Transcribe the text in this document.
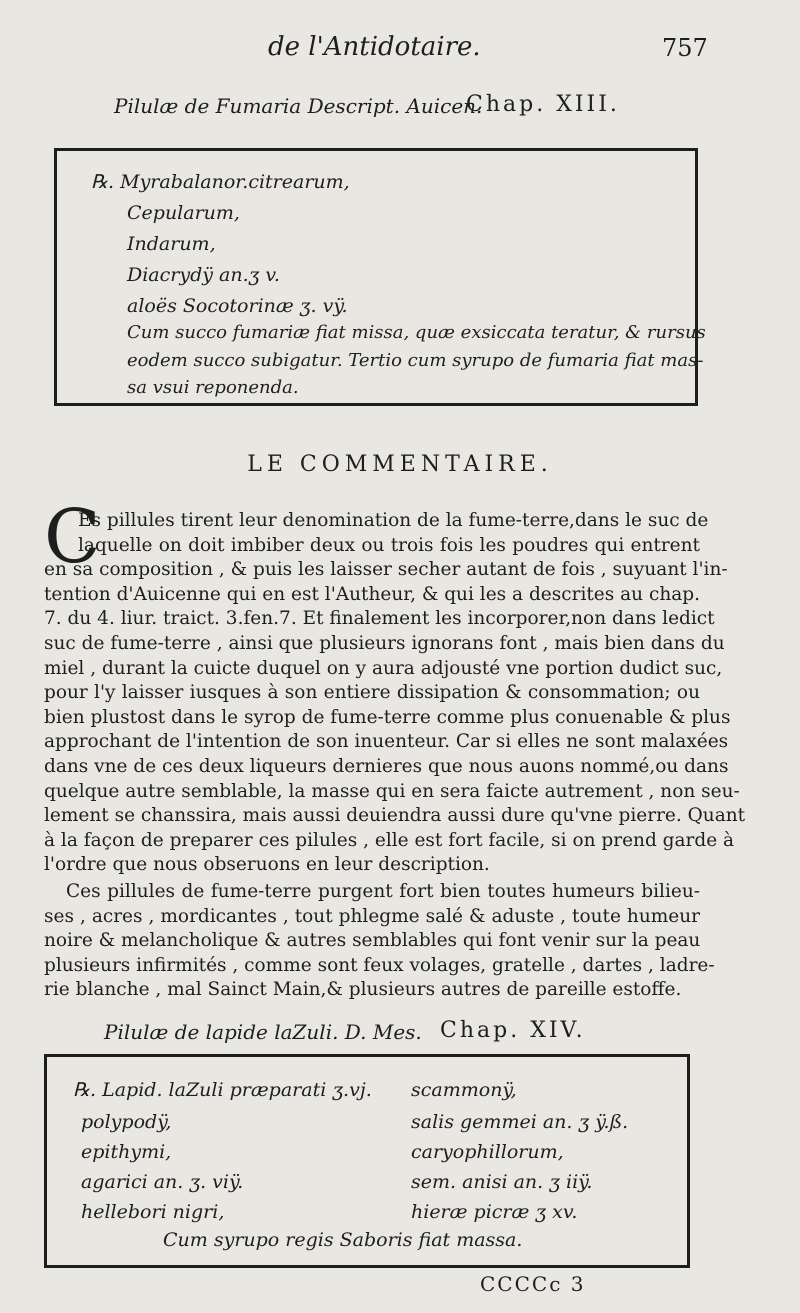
de l'Antidotaire.	757
Pilulæ de Fumaria Descript. Auicen.
Chap. XIII.
℞. Myrabalanor.citrearum,
Cepularum,
Indarum,
Diacrydÿ an.ʒ v.
aloës Socotorinæ ʒ. vÿ.
Cum succo fumariæ fiat missa, quæ exsiccata teratur, & rursus
eodem succo subigatur. Tertio cum syrupo de fumaria fiat mas-
sa vsui reponenda.
LE COMMENTAIRE.
C
Es pillules tirent leur denomination de la fume-terre,dans le suc de
laquelle on doit imbiber deux ou trois fois les poudres qui entrent
en sa composition , & puis les laisser secher autant de fois , suyuant l'in-
tention d'Auicenne qui en est l'Autheur, & qui les a descrites au chap.
7. du 4. liur. traict. 3.fen.7. Et finalement les incorporer,non dans ledict
suc de fume-terre , ainsi que plusieurs ignorans font , mais bien dans du
miel , durant la cuicte duquel on y aura adjousté vne portion dudict suc,
pour l'y laisser iusques à son entiere dissipation & consommation; ou
bien plustost dans le syrop de fume-terre comme plus conuenable & plus
approchant de l'intention de son inuenteur. Car si elles ne sont malaxées
dans vne de ces deux liqueurs dernieres que nous auons nommé,ou dans
quelque autre semblable, la masse qui en sera faicte autrement , non seu-
lement se chanssira, mais aussi deuiendra aussi dure qu'vne pierre. Quant
à la façon de preparer ces pilules , elle est fort facile, si on prend garde à
l'ordre que nous obseruons en leur description.
Ces pillules de fume-terre purgent fort bien toutes humeurs bilieu-
ses , acres , mordicantes , tout phlegme salé & aduste , toute humeur
noire & melancholique & autres semblables qui font venir sur la peau
plusieurs infirmités , comme sont feux volages, gratelle , dartes , ladre-
rie blanche , mal Sainct Main,& plusieurs autres de pareille estoffe.
Pilulæ de lapide laZuli. D. Mes. Chap. XIV.
℞. Lapid. laZuli præparati ʒ.vj.
polypodÿ,
epithymi,
agarici an. ʒ. viÿ.
hellebori nigri,
scammonÿ,
salis gemmei an. ʒ ÿ.ß.
caryophillorum,
sem. anisi an. ʒ iiÿ.
hieræ picræ ʒ xv.
Cum syrupo regis Saboris fiat massa.
CCCCc 3
